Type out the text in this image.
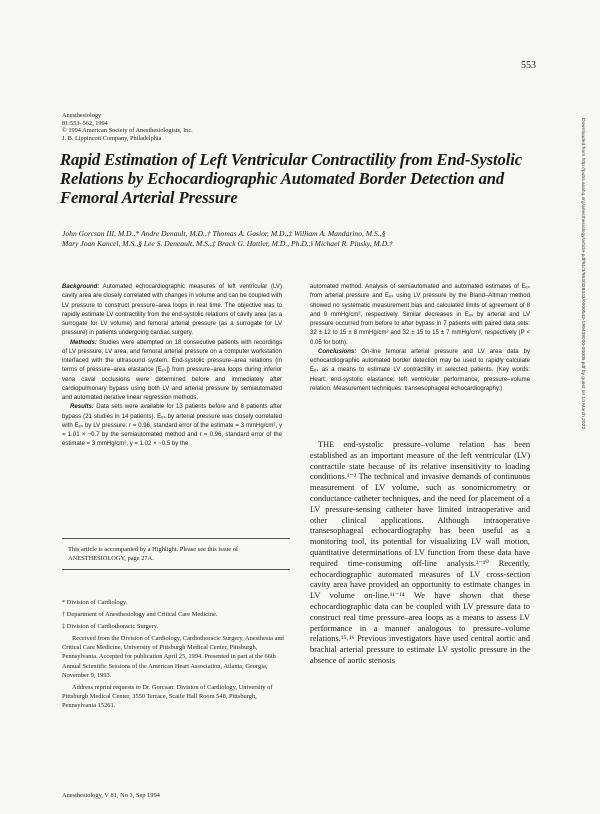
553
Anesthesiology
81:553–562, 1994
© 1994 American Society of Anesthesiologists, Inc.
J. B. Lippincott Company, Philadelphia
Rapid Estimation of Left Ventricular Contractility from End-Systolic Relations by Echocardiographic Automated Border Detection and Femoral Arterial Pressure
John Gorcsan III, M.D.,* Andre Denault, M.D.,† Thomas A. Gasior, M.D.,‡ William A. Mandarino, M.S.,§
Mary Joan Kancel, M.S.,§ Lee S. Deneault, M.S.,‡ Brack G. Hattler, M.D., Ph.D.,‖ Michael R. Pinsky, M.D.†

Background: Automated echocardiographic measures of left ventricular (LV) cavity area are closely correlated with changes in volume and can be coupled with LV pressure to construct pressure–area loops in real time. The objective was to rapidly estimate LV contractility from the end-systolic relations of cavity area (as a surrogate for LV volume) and femoral arterial pressure (as a surrogate for LV pressure) in patients undergoing cardiac surgery.

Methods: Studies were attempted on 18 consecutive patients with recordings of LV pressure, LV area, and femoral arterial pressure on a computer workstation interfaced with the ultrasound system. End-systolic pressure–area relations (in terms of pressure–area elastance [Eₑₛ]) from pressure–area loops during inferior vena caval occlusions were determined before and immediately after cardiopulmonary bypass using both LV and arterial pressure by semiautomated and automated iterative linear regression methods.

Results: Data sets were available for 13 patients before and 8 patients after bypass (21 studies in 14 patients). Eₑₛ by arterial pressure was closely correlated with Eₑₛ by LV pressure: r = 0.96, standard error of the estimate = 3 mmHg/cm², y = 1.01 × −0.7 by the semiautomated method and r = 0.96, standard error of the estimate = 3 mmHg/cm², y = 1.02 × −0.5 by the

automated method. Analysis of semiautomated and automated estimates of Eₑₛ from arterial pressure and Eₑₛ using LV pressure by the Bland–Altman method showed no systematic measurement bias and calculated limits of agreement of 8 and 9 mmHg/cm², respectively. Similar decreases in Eₑₛ by arterial and LV pressure occurred from before to after bypass in 7 patients with paired data sets: 32 ± 12 to 15 ± 8 mmHg/cm² and 32 ± 15 to 15 ± 7 mmHg/cm², respectively (P < 0.05 for both).

Conclusions: On-line femoral arterial pressure and LV area data by echocardiographic automated border detection may be used to rapidly calculate Eₑₛ as a means to estimate LV contractility in selected patients. (Key words: Heart: end-systolic elastance; left ventricular performance; pressure–volume relation. Measurement techniques: transesophageal echocardiography.)

This article is accompanied by a Highlight. Please see this issue of ANESTHESIOLOGY, page 27A.

* Division of Cardiology.

† Department of Anesthesiology and Critical Care Medicine.

‡ Division of Cardiothoracic Surgery.

Received from the Division of Cardiology, Cardiothoracic Surgery, Anesthesia and Critical Care Medicine, University of Pittsburgh Medical Center, Pittsburgh, Pennsylvania. Accepted for publication April 25, 1994. Presented in part at the 66th Annual Scientific Sessions of the American Heart Association, Atlanta, Georgia, November 9, 1993.

Address reprint requests to Dr. Gorcsan: Division of Cardiology, University of Pittsburgh Medical Center, 3550 Terrace, Scaife Hall Room 548, Pittsburgh, Pennsylvania 15261.

THE end-systolic pressure–volume relation has been established as an important measure of the left ventricular (LV) contractile state because of its relative insensitivity to loading conditions.¹⁻² The technical and invasive demands of continuous measurement of LV volume, such as sonomicrometry or conductance catheter techniques, and the need for placement of a LV pressure-sensing catheter have limited intraoperative and other clinical applications. Although intraoperative transesophageal echocardiography has been useful as a monitoring tool, its potential for visualizing LV wall motion, quantitative determinations of LV function from these data have required time-consuming off-line analysis.³⁻¹⁰ Recently, echocardiographic automated measures of LV cross-section cavity area have provided an opportunity to estimate changes in LV volume on-line.¹¹⁻¹⁴ We have shown that these echocardiographic data can be coupled with LV pressure data to construct real time pressure–area loops as a means to assess LV performance in a manner analogous to pressure–volume relations.¹⁵˒¹⁶ Previous investigators have used central aortic and brachial arterial pressure to estimate LV systolic pressure in the absence of aortic stenosis

Anesthesiology, V 81, No 3, Sep 1994
Downloaded from http://pubs.asahq.org/anesthesiology/article-pdf/81/3/553/328443/0000542-199409000-00005.pdf by guest on 10 March 2022
